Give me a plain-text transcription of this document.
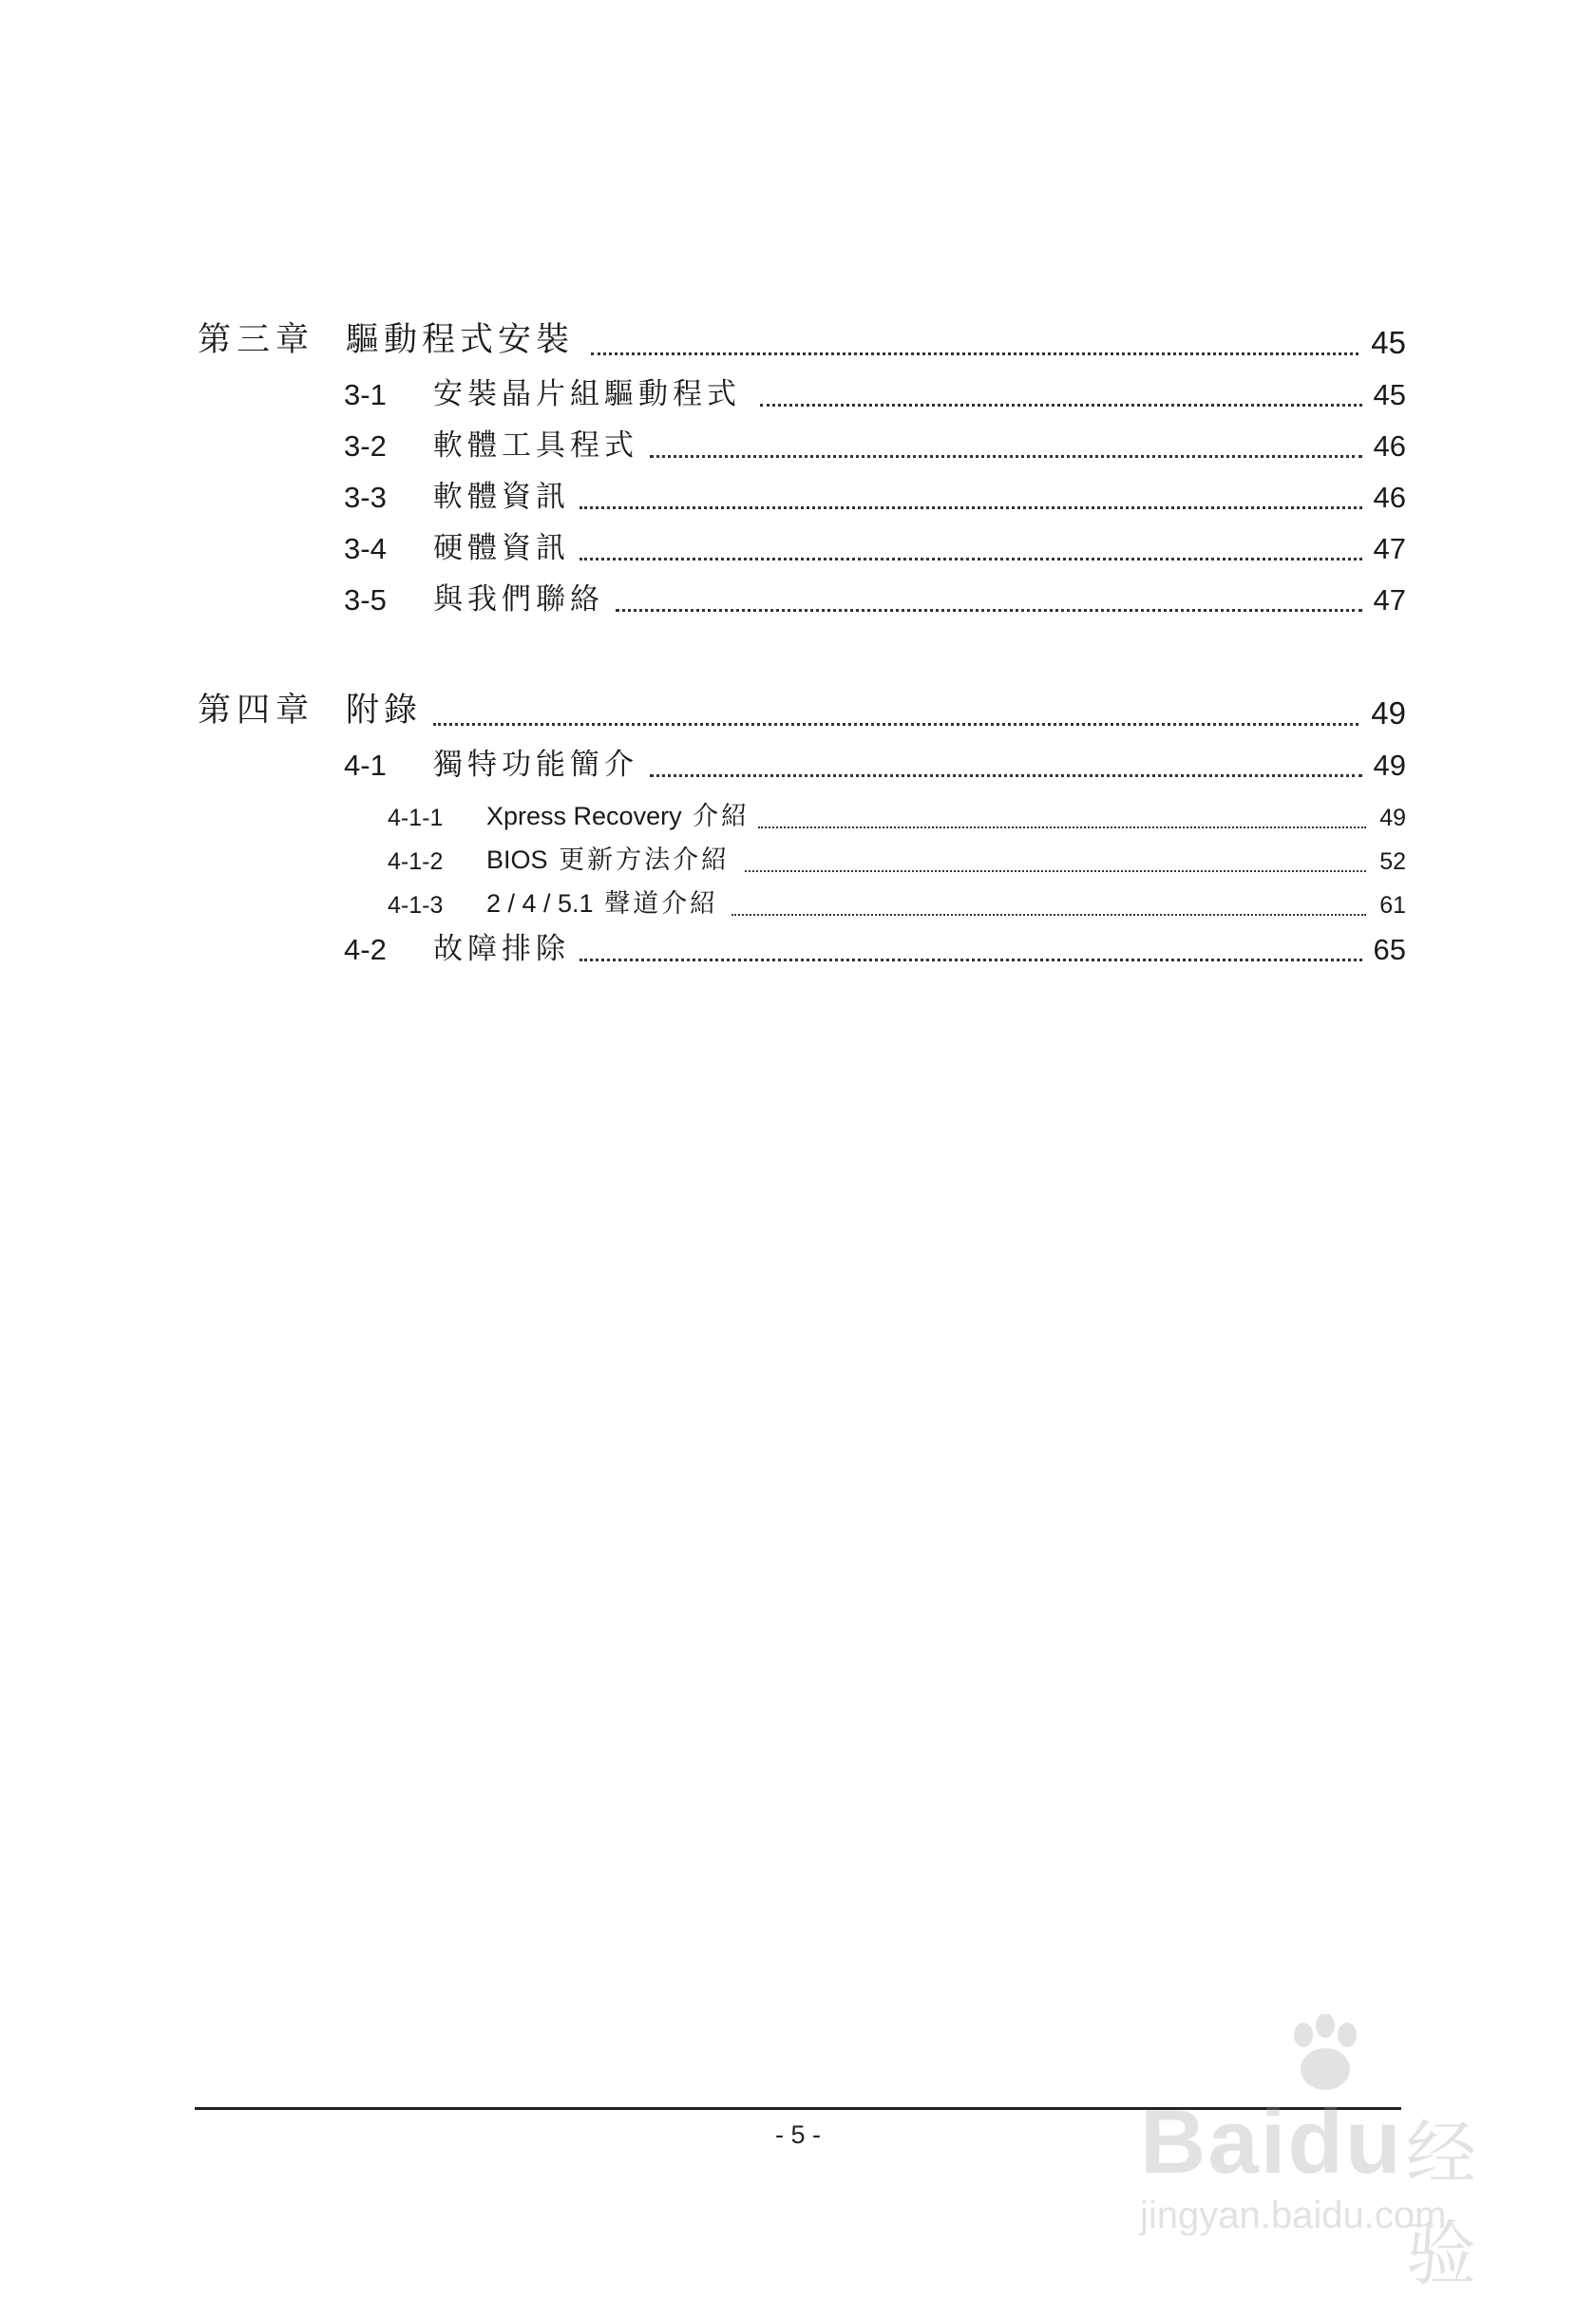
第三章 驅動程式安裝	45
3-1 安裝晶片組驅動程式	45
3-2 軟體工具程式	46
3-3 軟體資訊	46
3-4 硬體資訊	47
3-5 與我們聯絡	47
第四章 附錄	49
4-1 獨特功能簡介	49
4-1-1 Xpress Recovery 介紹	49
4-1-2 BIOS 更新方法介紹	52
4-1-3 2 / 4 / 5.1 聲道介紹	61
4-2 故障排除	65
- 5 -	Baidu 经验
jingyan.baidu.com
